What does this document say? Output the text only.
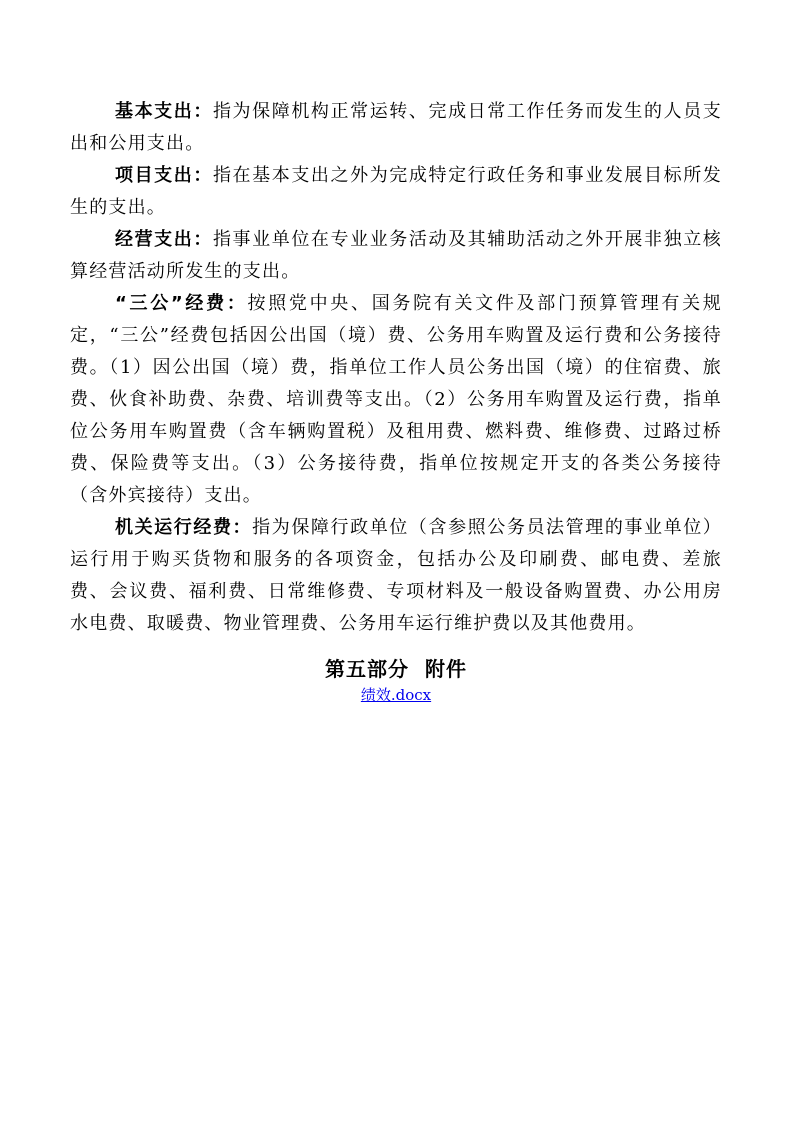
基本支出：指为保障机构正常运转、完成日常工作任务而发生的人员支出和公用支出。

项目支出：指在基本支出之外为完成特定行政任务和事业发展目标所发生的支出。

经营支出：指事业单位在专业业务活动及其辅助活动之外开展非独立核算经营活动所发生的支出。

“三公”经费：按照党中央、国务院有关文件及部门预算管理有关规定，“三公”经费包括因公出国（境）费、公务用车购置及运行费和公务接待费。（1）因公出国（境）费，指单位工作人员公务出国（境）的住宿费、旅费、伙食补助费、杂费、培训费等支出。（2）公务用车购置及运行费，指单位公务用车购置费（含车辆购置税）及租用费、燃料费、维修费、过路过桥费、保险费等支出。（3）公务接待费，指单位按规定开支的各类公务接待（含外宾接待）支出。

机关运行经费：指为保障行政单位（含参照公务员法管理的事业单位）运行用于购买货物和服务的各项资金，包括办公及印刷费、邮电费、差旅费、会议费、福利费、日常维修费、专项材料及一般设备购置费、办公用房水电费、取暖费、物业管理费、公务用车运行维护费以及其他费用。

第五部分  附件
绩效.docx
